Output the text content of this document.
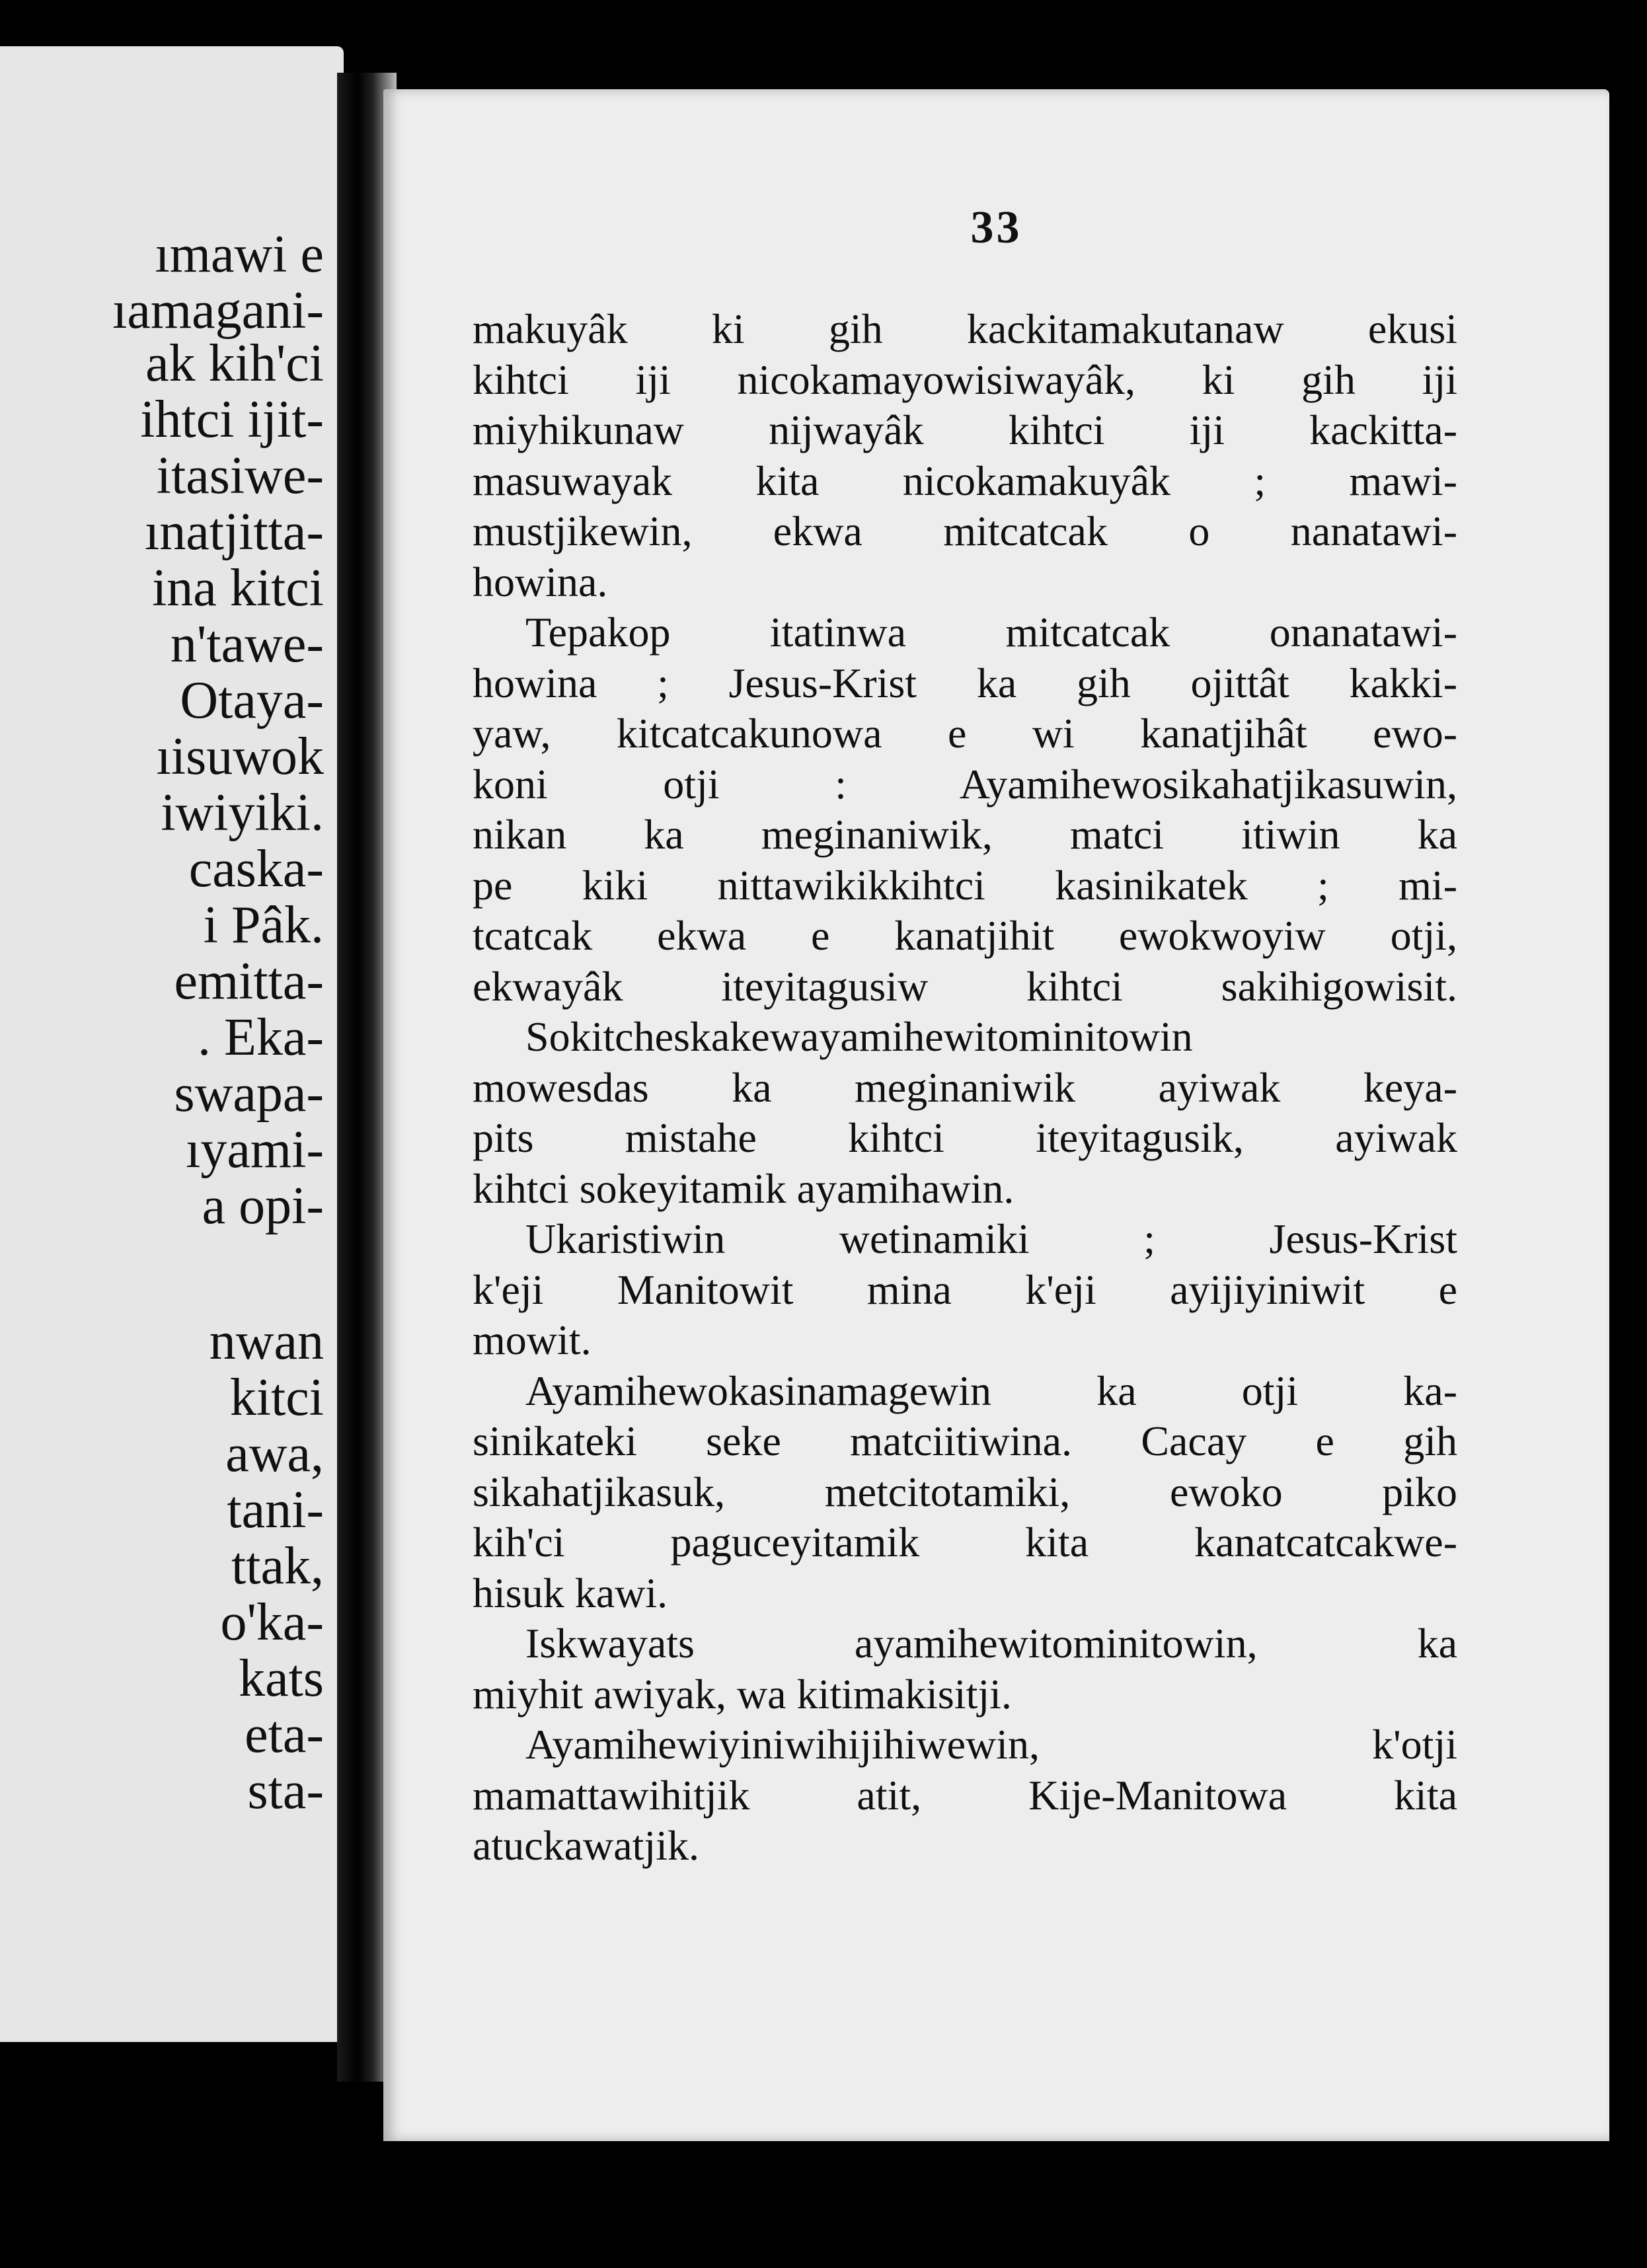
ımawi e
ıamagani-
ak kih'ci
ihtci ijit-
itasiwe-
ınatjitta-
ina kitci
n'tawe-
Otaya-
ıisuwok
iwiyiki.
caska-
i Pâk.
emitta-
. Eka-
swapa-
ıyami-
a opi-
nwan
kitci
awa,
tani-
ttak,
o'ka-
kats
eta-
sta-
33
makuyâk ki gih kackitamakutanaw ekusi
kihtci iji nicokamayowisiwayâk, ki gih iji
miyhikunaw nijwayâk kihtci iji kackitta-
masuwayak kita nicokamakuyâk ; mawi-
mustjikewin, ekwa mitcatcak o nanatawi-
howina.
Tepakop itatinwa mitcatcak onanatawi-
howina ; Jesus-Krist ka gih ojittât kakki-
yaw, kitcatcakunowa e wi kanatjihât ewo-
koni otji : Ayamihewosikahatjikasuwin,
nikan ka meginaniwik, matci itiwin ka
pe kiki nittawikikkihtci kasinikatek ; mi-
tcatcak ekwa e kanatjihit ewokwoyiw otji,
ekwayâk iteyitagusiw kihtci sakihigowisit.
Sokitcheskakewayamihewitominitowin
mowesdas ka meginaniwik ayiwak keya-
pits mistahe kihtci iteyitagusik, ayiwak
kihtci sokeyitamik ayamihawin.
Ukaristiwin wetinamiki ; Jesus-Krist
k'eji Manitowit mina k'eji ayijiyiniwit e
mowit.
Ayamihewokasinamagewin ka otji ka-
sinikateki seke matciitiwina. Cacay e gih
sikahatjikasuk, metcitotamiki, ewoko piko
kih'ci paguceyitamik kita kanatcatcakwe-
hisuk kawi.
Iskwayats ayamihewitominitowin, ka
miyhit awiyak, wa kitimakisitji.
Ayamihewiyiniwihijihiwewin, k'otji
mamattawihitjik atit, Kije-Manitowa kita
atuckawatjik.
